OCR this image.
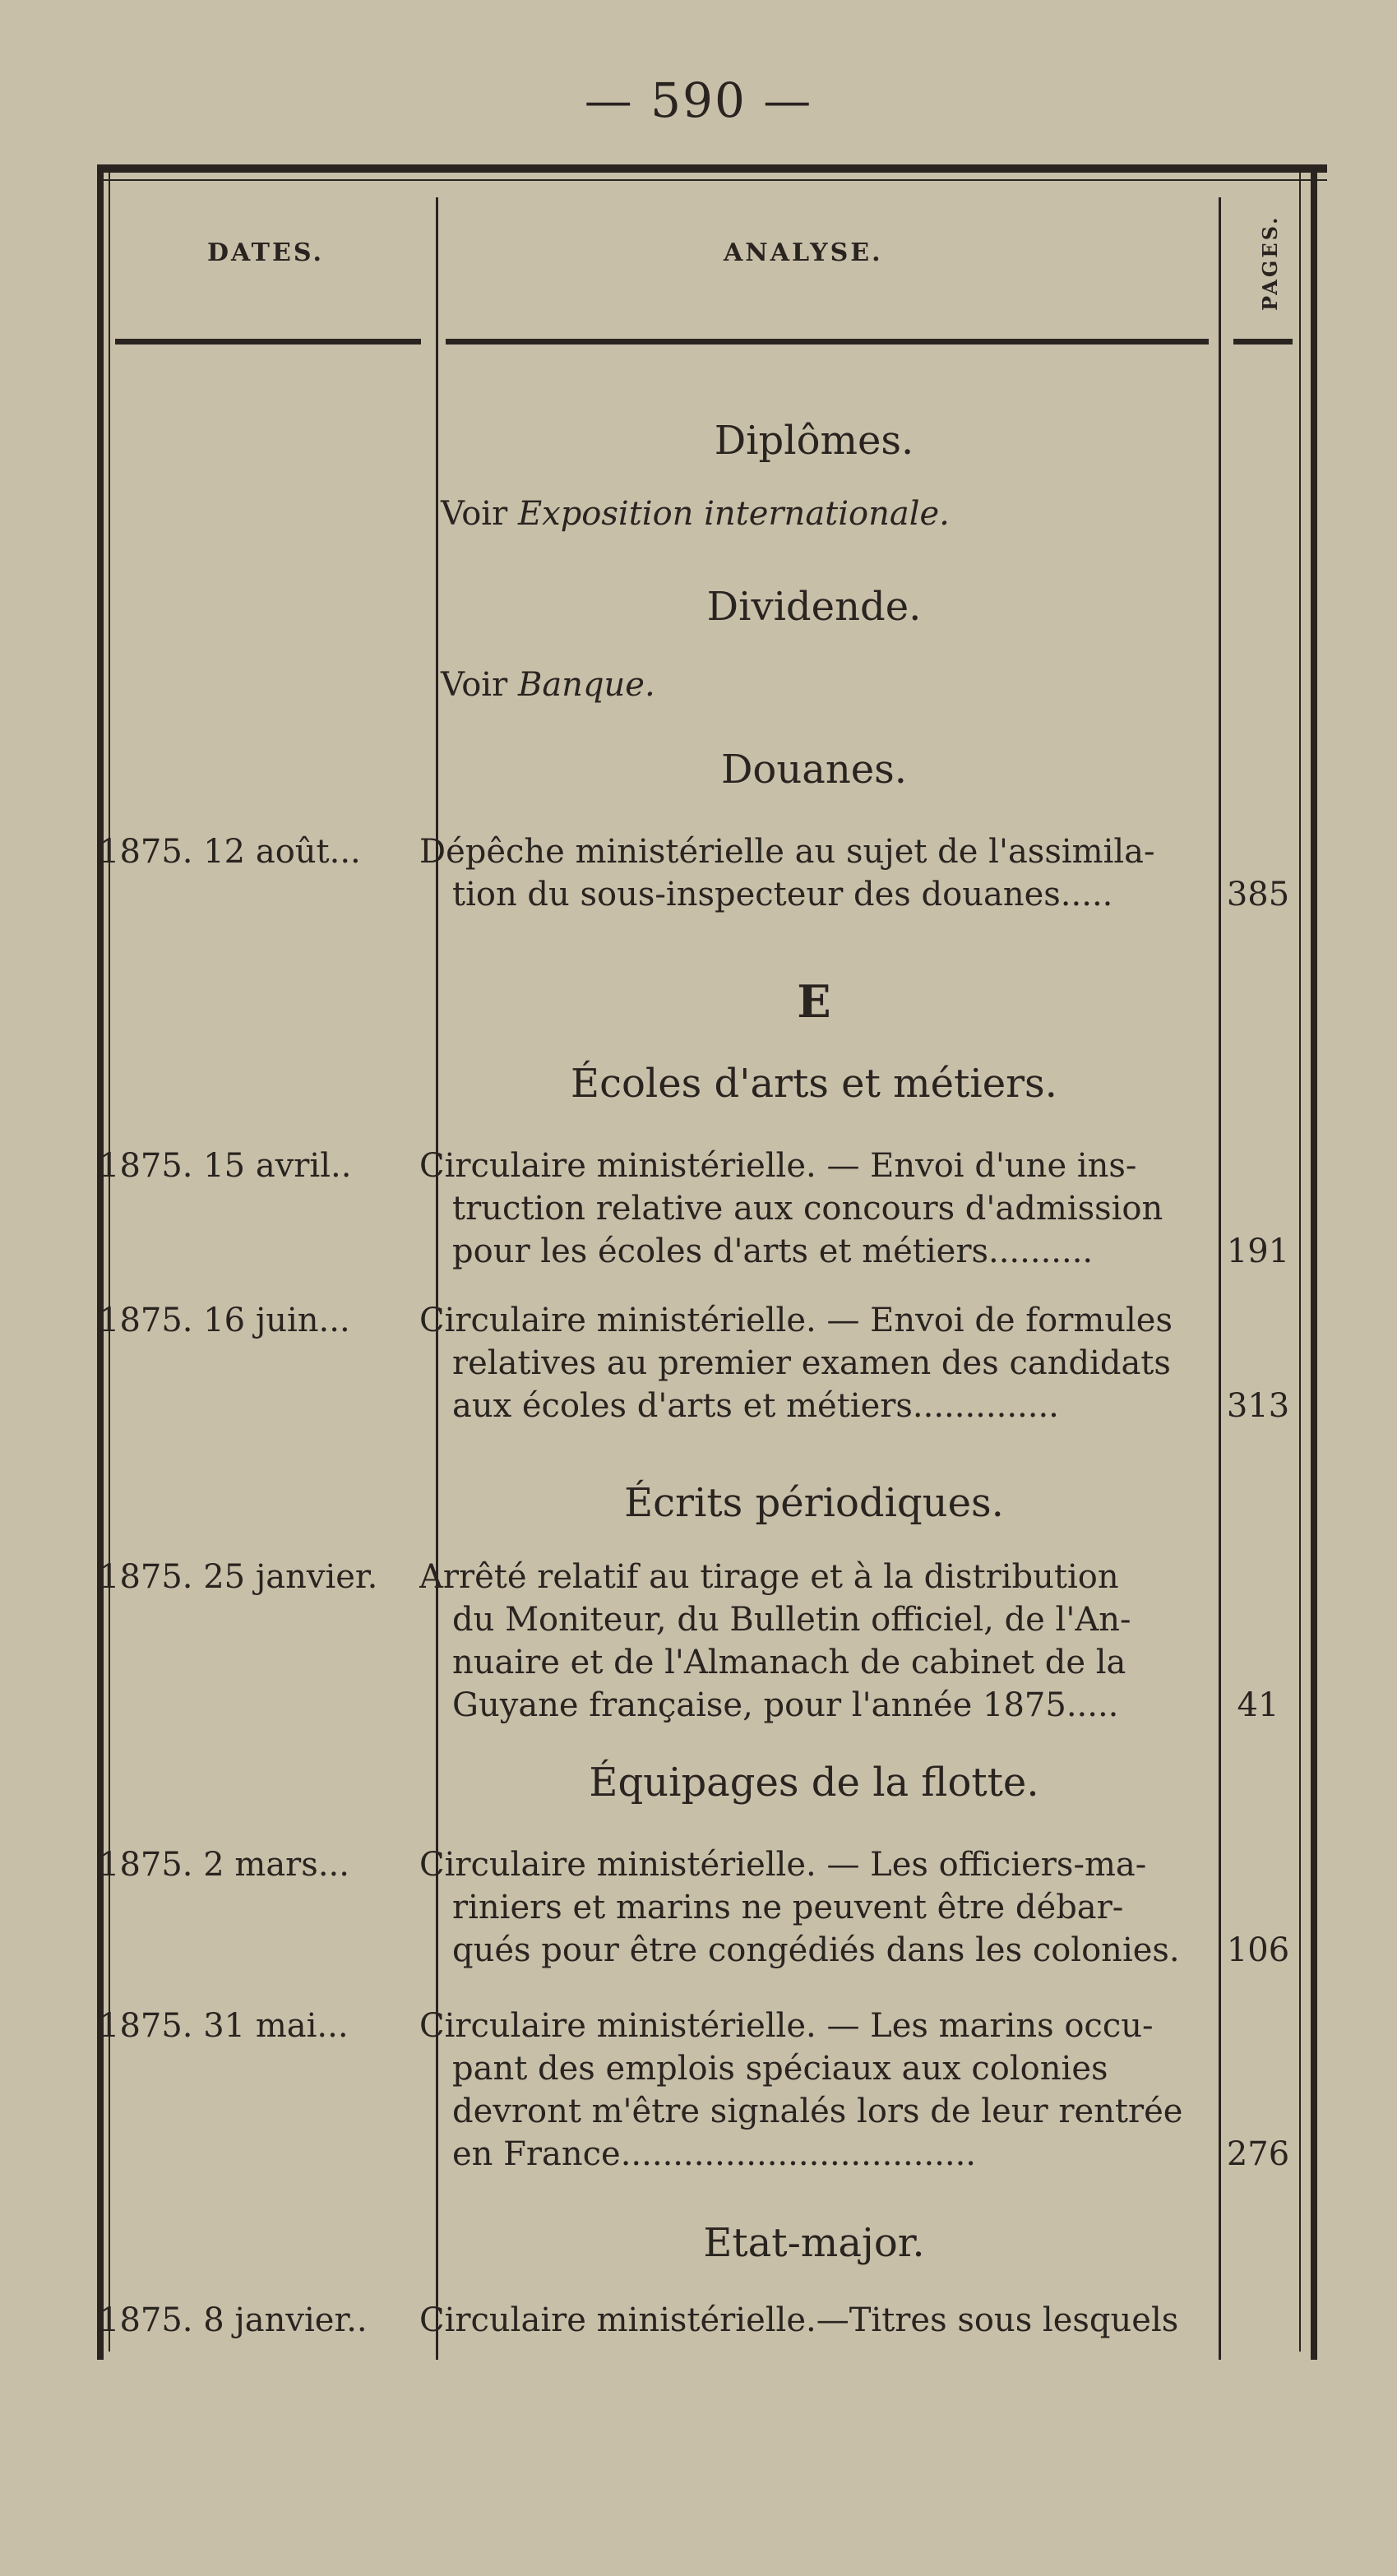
— 590 —
DATES.	ANALYSE.	PAGES.
Diplômes.
Voir Exposition internationale.
Dividende.
Voir Banque.
Douanes.
1875. 12 août... Dépêche ministérielle au sujet de l'assimila-
tion du sous-inspecteur des douanes.....	385
E
Écoles d'arts et métiers.
1875. 15 avril.. Circulaire ministérielle. — Envoi d'une ins-
truction relative aux concours d'admission
pour les écoles d'arts et métiers..........	191
1875. 16 juin... Circulaire ministérielle. — Envoi de formules
relatives au premier examen des candidats
aux écoles d'arts et métiers..............	313
Écrits périodiques.
1875. 25 janvier. Arrêté relatif au tirage et à la distribution
du Moniteur, du Bulletin officiel, de l'An-
nuaire et de l'Almanach de cabinet de la
Guyane française, pour l'année 1875.....	41
Équipages de la flotte.
1875. 2 mars... Circulaire ministérielle. — Les officiers-ma-
riniers et marins ne peuvent être débar-
qués pour être congédiés dans les colonies.	106
1875. 31 mai... Circulaire ministérielle. — Les marins occu-
pant des emplois spéciaux aux colonies
devront m'être signalés lors de leur rentrée
en France..................................	276
Etat-major.
1875. 8 janvier.. Circulaire ministérielle.—Titres sous lesquels
